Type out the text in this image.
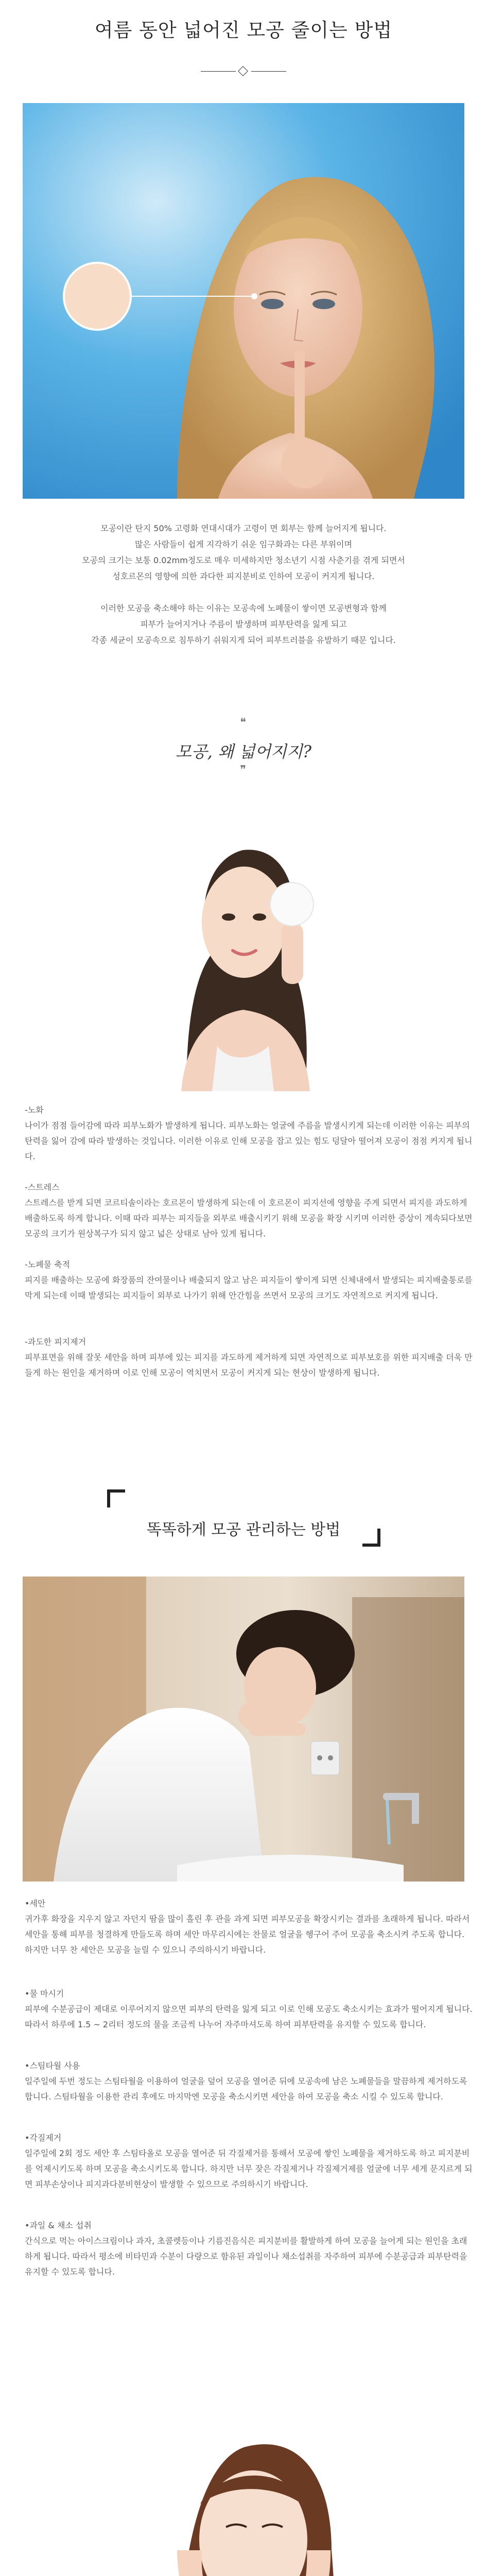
여름 동안 넓어진 모공 줄이는 방법

모공이란 탄지 50% 고령화 연대시대가 고령이 면 회부는 함께 늘어지게 됩니다.

많은 사람들이 쉽게 지각하기 쉬운 임구화과는 다른 부위이며

모공의 크기는 보통 0.02mm정도로 매우 미세하지만 청소년기 시점 사춘기를 겪게 되면서

성호르몬의 영향에 의한 과다한 피지분비로 인하여 모공이 커지게 됩니다.

이러한 모공을 축소해야 하는 이유는 모공속에 노폐물이 쌓이면 모공변형과 함께

피부가 늘어지거나 주름이 발생하며 피부탄력을 잃게 되고

각종 세균이 모공속으로 침투하기 쉬워지게 되어 피부트러블을 유발하기 때문 입니다.

❝
모공, 왜 넓어지지?
❞
-노화
나이가 점점 들어감에 따라 피부노화가 발생하게 됩니다. 피부노화는 얼굴에 주름을 발생시키게 되는데 이러한 이유는 피부의 탄력을 잃어 감에 따라 발생하는 것입니다. 이러한 이유로 인해 모공을 잡고 있는 힘도 덩달아 떨어져 모공이 점점 커지게 됩니다.
-스트레스
스트레스를 받게 되면 코르티솔이라는 호르몬이 발생하게 되는데 이 호르몬이 피지선에 영향을 주게 되면서 피지를 과도하게 배출하도록 하게 합니다. 이때 따라 피부는 피지들을 외부로 배출시키기 위해 모공을 확장 시키며 이러한 증상이 계속되다보면 모공의 크기가 원상복구가 되지 않고 넓은 상태로 남아 있게 됩니다.
-노폐물 축적
피지를 배출하는 모공에 화장품의 잔여물이나 배출되지 않고 남은 피지들이 쌓이게 되면 신체내에서 발생되는 피지배출통로를 막게 되는데 이때 발생되는 피지들이 외부로 나가기 위해 안간힘을 쓰면서 모공의 크기도 자연적으로 커지게 됩니다.
-과도한 피지제거
피부표면을 위해 잘못 세안을 하며 피부에 있는 피지를 과도하게 제거하게 되면 자연적으로 피부보호를 위한 피지배출 더욱 만들게 하는 원인을 제거하며 이로 인해 모공이 역치면서 모공이 커지게 되는 현상이 발생하게 됩니다.
똑똑하게 모공 관리하는 방법
•세안
귀가후 화장을 지우지 않고 자던지 땀을 많이 흘린 후 관을 과게 되면 피부모공을 확장시키는 결과를 초래하게 됩니다. 따라서 세안을 통해 피부를 청결하게 만들도록 하며 세안 마무리시에는 찬물로 얼굴을 헹구어 주어 모공을 축소시켜 주도록 합니다. 하지만 너무 찬 세안은 모공을 늘릴 수 있으니 주의하시기 바랍니다.
•물 마시기
피부에 수분공급이 제대로 이루어지지 않으면 피부의 탄력을 잃게 되고 이로 인해 모공도 축소시키는 효과가 떨어지게 됩니다. 따라서 하루에 1.5 ~ 2리터 정도의 물을 조금씩 나누어 자주마셔도록 하여 피부탄력을 유지할 수 있도록 합니다.
•스팀타월 사용
일주일에 두번 정도는 스팀타월을 이용하여 얼굴을 덮어 모공을 열어준 뒤에 모공속에 남은 노폐물들을 말끔하게 제거하도록 합니다. 스팀타월을 이용한 관리 후에도 마지막엔 모공을 축소시키면 세안을 하여 모공을 축소 시킬 수 있도록 합니다.
•각질제거
일주일에 2회 정도 세안 후 스팀타올로 모공을 열어준 뒤 각질제거를 통해서 모공에 쌓인 노폐물을 제거하도록 하고 피지분비를 억제시키도록 하며 모공을 축소시키도록 합니다. 하지만 너무 잦은 각질제거나 각질제거제를 얼굴에 너무 세게 문지르게 되면 피부손상이나 피지과다분비현상이 발생할 수 있으므로 주의하시기 바랍니다.
•과일 & 채소 섭취
간식으로 먹는 아이스크림이나 과자, 초콜렛등이나 기름진음식은 피지분비를 활발하게 하여 모공을 늘어게 되는 원인을 초래하게 됩니다. 따라서 평소에 비타민과 수분이 다량으로 함유된 과일이나 채소섭취를 자주하여 피부에 수분공급과 피부탄력을 유지할 수 있도록 합니다.
